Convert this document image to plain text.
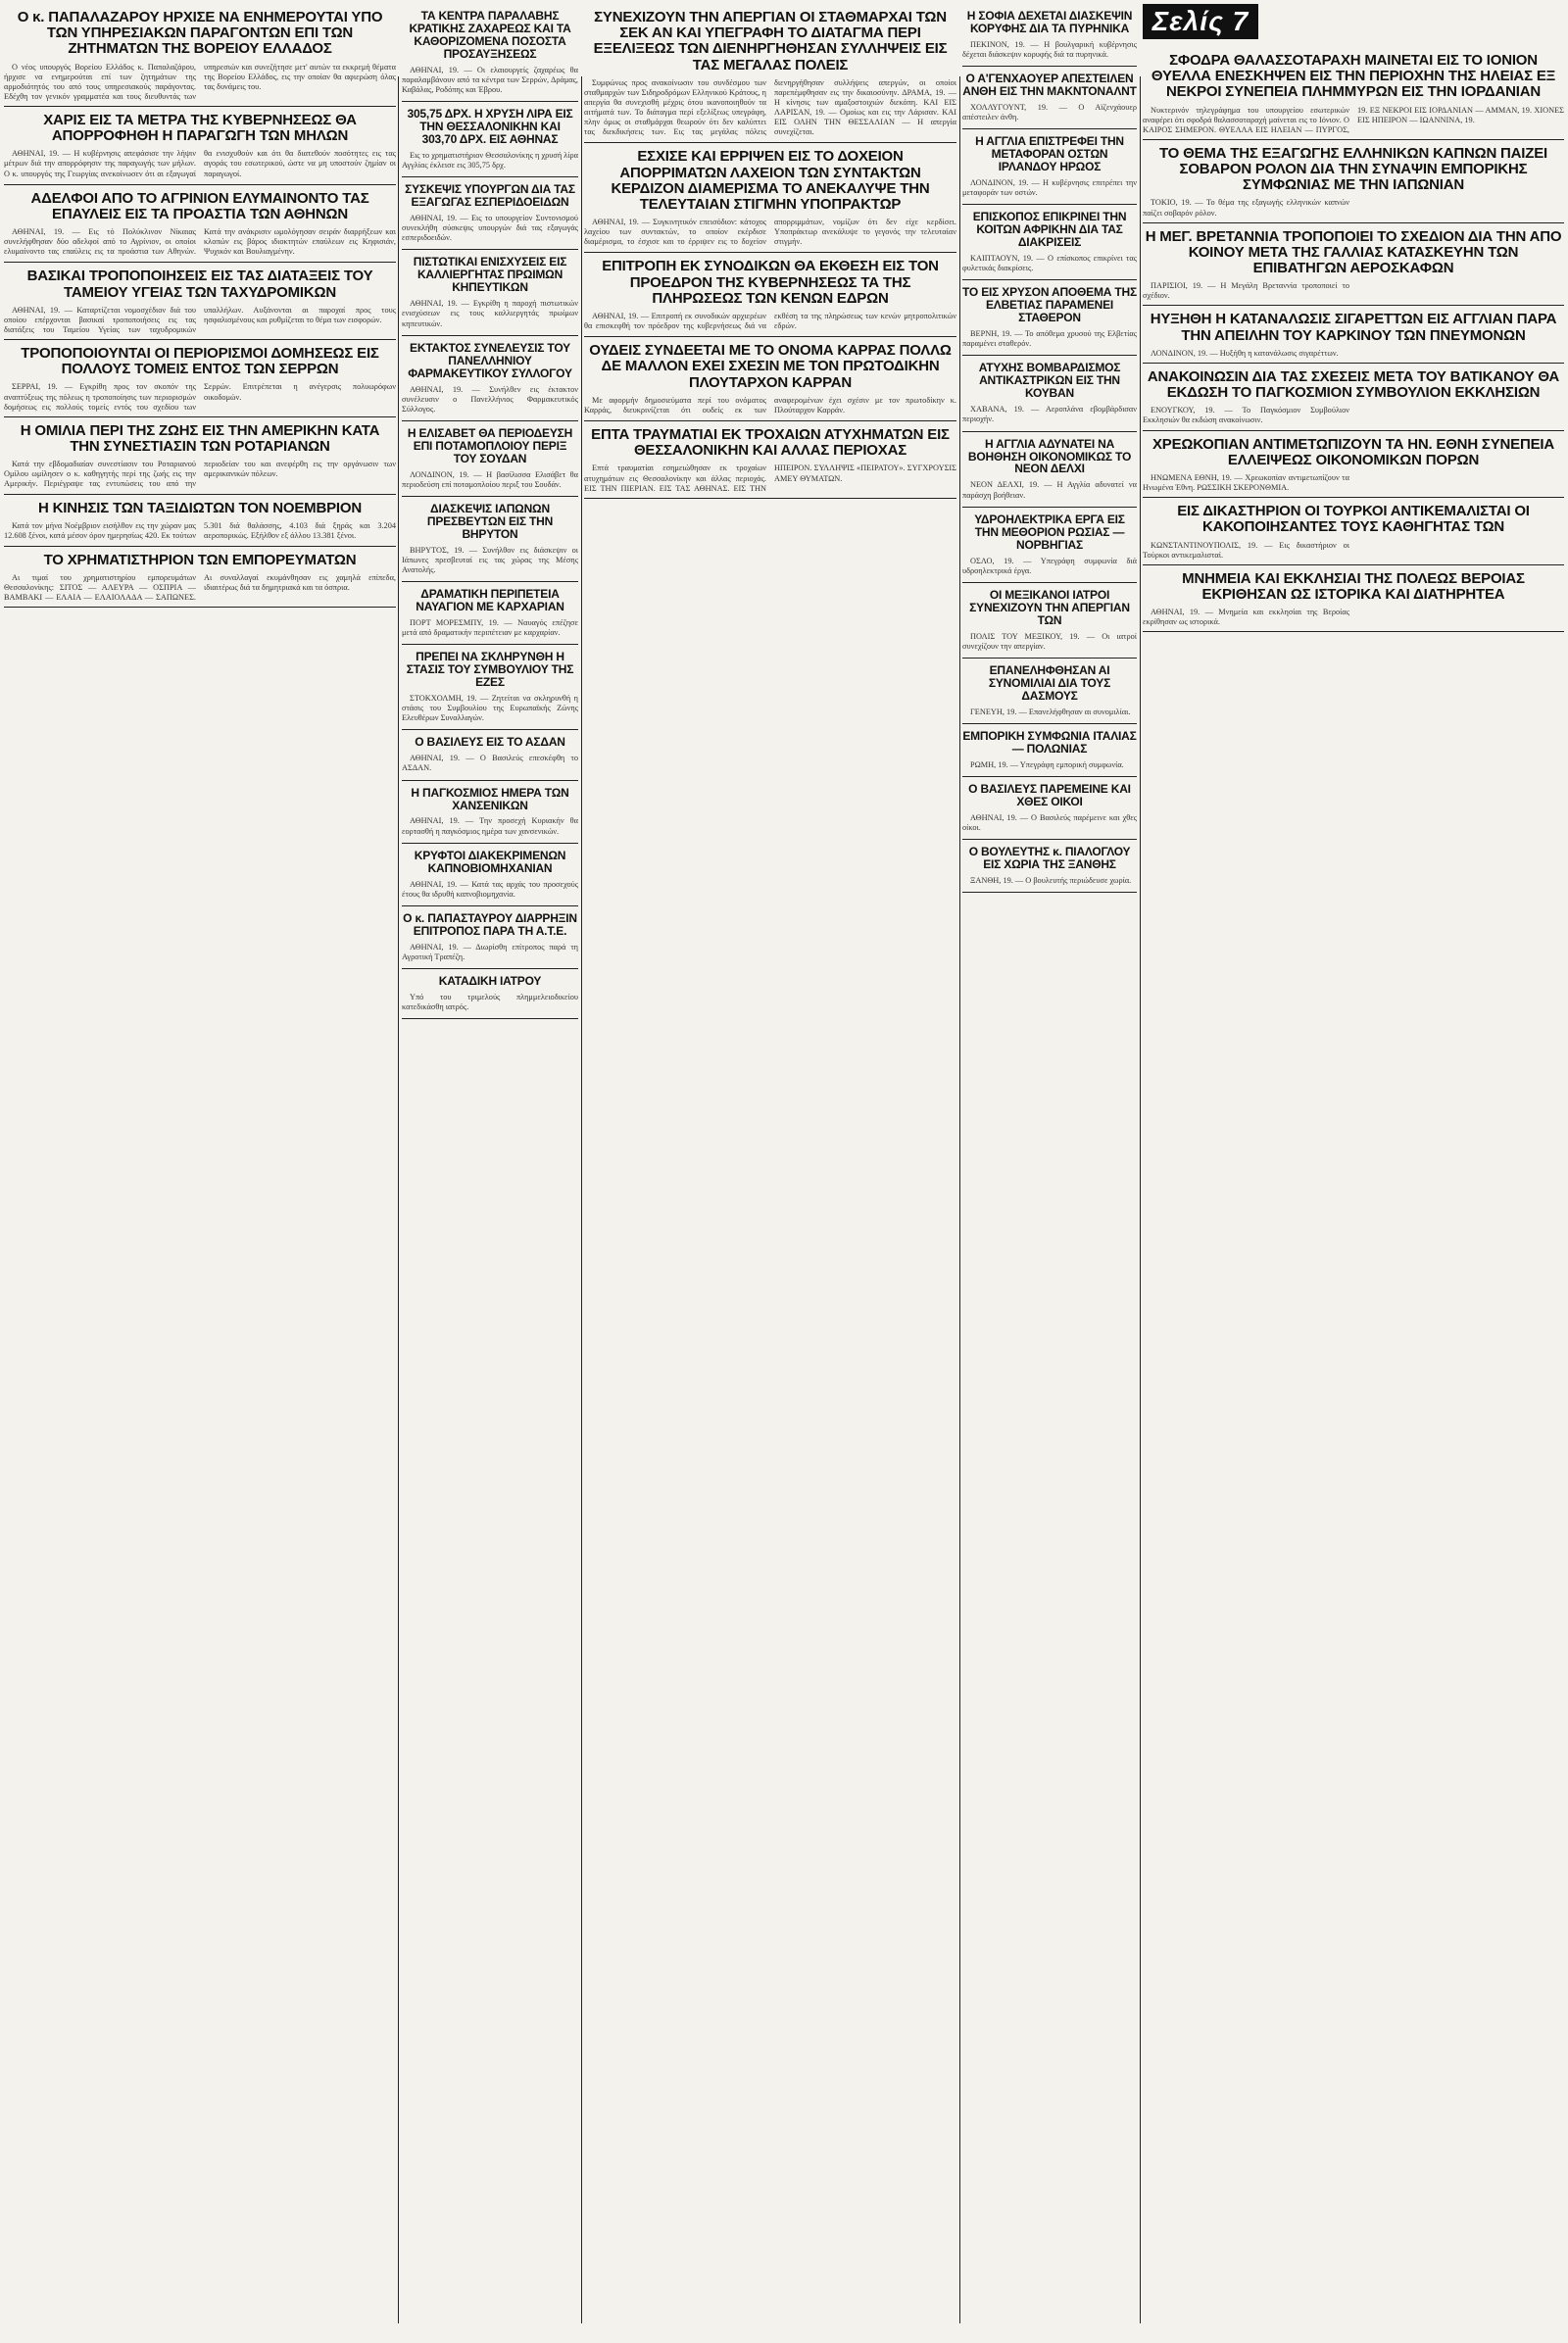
Σελίς 7
Ο κ. ΠΑΠΑΛΑΖΑΡΟΥ ΗΡΧΙΣΕ ΝΑ ΕΝΗΜΕΡΟΥΤΑΙ ΥΠΟ ΤΩΝ ΥΠΗΡΕΣΙΑΚΩΝ ΠΑΡΑΓΟΝΤΩΝ ΕΠΙ ΤΩΝ ΖΗΤΗΜΑΤΩΝ ΤΗΣ ΒΟΡΕΙΟΥ ΕΛΛΑΔΟΣ

Ο νέος υπουργός Βορείου Ελλάδος κ. Παπαλαζάρου, ήρχισε να ενημερούται επί των ζητημάτων της αρμοδιότητός του από τους υπηρεσιακούς παράγοντας. Εδέχθη τον γενικόν γραμματέα και τους διευθυντάς των υπηρεσιών και συνεζήτησε μετ' αυτών τα εκκρεμή θέματα της Βορείου Ελλάδος, εις την οποίαν θα αφιερώση όλας τας δυνάμεις του.

ΧΑΡΙΣ ΕΙΣ ΤΑ ΜΕΤΡΑ ΤΗΣ ΚΥΒΕΡΝΗΣΕΩΣ ΘΑ ΑΠΟΡΡΟΦΗΘΗ Η ΠΑΡΑΓΩΓΗ ΤΩΝ ΜΗΛΩΝ

ΑΘΗΝΑΙ, 19. — Η κυβέρνησις απεφάσισε την λήψιν μέτρων διά την απορρόφησιν της παραγωγής των μήλων. Ο κ. υπουργός της Γεωργίας ανεκοίνωσεν ότι αι εξαγωγαί θα ενισχυθούν και ότι θα διατεθούν ποσότητες εις τας αγοράς του εσωτερικού, ώστε να μη υποστούν ζημίαν οι παραγωγοί.

ΑΔΕΛΦΟΙ ΑΠΟ ΤΟ ΑΓΡΙΝΙΟΝ ΕΛΥΜΑΙΝΟΝΤΟ ΤΑΣ ΕΠΑΥΛΕΙΣ ΕΙΣ ΤΑ ΠΡΟΑΣΤΙΑ ΤΩΝ ΑΘΗΝΩΝ

ΑΘΗΝΑΙ, 19. — Εις τό Πολύκλινον Νίκαιας συνελήφθησαν δύο αδελφοί από το Αγρίνιον, οι οποίοι ελυμαίνοντο τας επαύλεις εις τα προάστια των Αθηνών. Κατά την ανάκρισιν ωμολόγησαν σειράν διαρρήξεων και κλοπών εις βάρος ιδιοκτητών επαύλεων εις Κηφισιάν, Ψυχικόν και Βουλιαγμένην.

ΒΑΣΙΚΑΙ ΤΡΟΠΟΠΟΙΗΣΕΙΣ ΕΙΣ ΤΑΣ ΔΙΑΤΑΞΕΙΣ ΤΟΥ ΤΑΜΕΙΟΥ ΥΓΕΙΑΣ ΤΩΝ ΤΑΧΥΔΡΟΜΙΚΩΝ

ΑΘΗΝΑΙ, 19. — Καταρτίζεται νομοσχέδιον διά του οποίου επέρχονται βασικαί τροποποιήσεις εις τας διατάξεις του Ταμείου Υγείας των ταχυδρομικών υπαλλήλων. Αυξάνονται αι παροχαί προς τους ησφαλισμένους και ρυθμίζεται το θέμα των εισφορών.

ΤΡΟΠΟΠΟΙΟΥΝΤΑΙ ΟΙ ΠΕΡΙΟΡΙΣΜΟΙ ΔΟΜΗΣΕΩΣ ΕΙΣ ΠΟΛΛΟΥΣ ΤΟΜΕΙΣ ΕΝΤΟΣ ΤΩΝ ΣΕΡΡΩΝ

ΣΕΡΡΑΙ, 19. — Εγκρίθη προς τον σκοπόν της αναπτύξεως της πόλεως η τροποποίησις των περιορισμών δομήσεως εις πολλούς τομείς εντός του σχεδίου των Σερρών. Επιτρέπεται η ανέγερσις πολυωρόφων οικοδομών.

Η ΟΜΙΛΙΑ ΠΕΡΙ ΤΗΣ ΖΩΗΣ ΕΙΣ ΤΗΝ ΑΜΕΡΙΚΗΝ ΚΑΤΑ ΤΗΝ ΣΥΝΕΣΤΙΑΣΙΝ ΤΩΝ ΡΟΤΑΡΙΑΝΩΝ

Κατά την εβδομαδιαίαν συνεστίασιν του Ροταριανού Ομίλου ωμίλησεν ο κ. καθηγητής περί της ζωής εις την Αμερικήν. Περιέγραψε τας εντυπώσεις του από την περιοδείαν του και ανεφέρθη εις την οργάνωσιν των αμερικανικών πόλεων.

Η ΚΙΝΗΣΙΣ ΤΩΝ ΤΑΞΙΔΙΩΤΩΝ ΤΟΝ ΝΟΕΜΒΡΙΟΝ

Κατά τον μήνα Νοέμβριον εισήλθον εις την χώραν μας 12.608 ξένοι, κατά μέσον όρον ημερησίως 420. Εκ τούτων 5.301 διά θαλάσσης, 4.103 διά ξηράς και 3.204 αεροπορικώς. Εξήλθον εξ άλλου 13.381 ξένοι.

ΤΟ ΧΡΗΜΑΤΙΣΤΗΡΙΟΝ ΤΩΝ ΕΜΠΟΡΕΥΜΑΤΩΝ

Αι τιμαί του χρηματιστηρίου εμπορευμάτων Θεσσαλονίκης: ΣΙΤΟΣ — ΑΛΕΥΡΑ — ΟΣΠΡΙΑ — ΒΑΜΒΑΚΙ — ΕΛΑΙΑ — ΕΛΑΙΟΛΑΔΑ — ΣΑΠΩΝΕΣ. Αι συναλλαγαί εκυμάνθησαν εις χαμηλά επίπεδα, ιδιαιτέρως διά τα δημητριακά και τα όσπρια.

ΤΑ ΚΕΝΤΡΑ ΠΑΡΑΛΑΒΗΣ ΚΡΑΤΙΚΗΣ ΖΑΧΑΡΕΩΣ ΚΑΙ ΤΑ ΚΑΘΟΡΙΖΟΜΕΝΑ ΠΟΣΟΣΤΑ ΠΡΟΣΑΥΞΗΣΕΩΣ

ΑΘΗΝΑΙ, 19. — Οι ελαιουργείς ζαχαρέως θα παραλαμβάνουν από τα κέντρα των Σερρών, Δράμας, Καβάλας, Ροδόπης και Έβρου.

305,75 ΔΡΧ. Η ΧΡΥΣΗ ΛΙΡΑ ΕΙΣ ΤΗΝ ΘΕΣΣΑΛΟΝΙΚΗΝ ΚΑΙ 303,70 ΔΡΧ. ΕΙΣ ΑΘΗΝΑΣ

Εις το χρηματιστήριον Θεσσαλονίκης η χρυσή λίρα Αγγλίας έκλεισε εις 305,75 δρχ.

ΣΥΣΚΕΨΙΣ ΥΠΟΥΡΓΩΝ ΔΙΑ ΤΑΣ ΕΞΑΓΩΓΑΣ ΕΣΠΕΡΙΔΟΕΙΔΩΝ

ΑΘΗΝΑΙ, 19. — Εις το υπουργείον Συντονισμού συνεκλήθη σύσκεψις υπουργών διά τας εξαγωγάς εσπεριδοειδών.

ΠΙΣΤΩΤΙΚΑΙ ΕΝΙΣΧΥΣΕΙΣ ΕΙΣ ΚΑΛΛΙΕΡΓΗΤΑΣ ΠΡΩΙΜΩΝ ΚΗΠΕΥΤΙΚΩΝ

ΑΘΗΝΑΙ, 19. — Εγκρίθη η παροχή πιστωτικών ενισχύσεων εις τους καλλιεργητάς πρωίμων κηπευτικών.

ΕΚΤΑΚΤΟΣ ΣΥΝΕΛΕΥΣΙΣ ΤΟΥ ΠΑΝΕΛΛΗΝΙΟΥ ΦΑΡΜΑΚΕΥΤΙΚΟΥ ΣΥΛΛΟΓΟΥ

ΑΘΗΝΑΙ, 19. — Συνήλθεν εις έκτακτον συνέλευσιν ο Πανελλήνιος Φαρμακευτικός Σύλλογος.

Η ΕΛΙΣΑΒΕΤ ΘΑ ΠΕΡΙΟΔΕΥΣΗ ΕΠΙ ΠΟΤΑΜΟΠΛΟΙΟΥ ΠΕΡΙΞ ΤΟΥ ΣΟΥΔΑΝ

ΛΟΝΔΙΝΟΝ, 19. — Η βασίλισσα Ελισάβετ θα περιοδεύση επί ποταμοπλοίου περιξ του Σουδάν.

ΔΙΑΣΚΕΨΙΣ ΙΑΠΩΝΩΝ ΠΡΕΣΒΕΥΤΩΝ ΕΙΣ ΤΗΝ ΒΗΡΥΤΟΝ

ΒΗΡΥΤΟΣ, 19. — Συνήλθον εις διάσκεψιν οι Ιάπωνες πρεσβευταί εις τας χώρας της Μέσης Ανατολής.

ΔΡΑΜΑΤΙΚΗ ΠΕΡΙΠΕΤΕΙΑ ΝΑΥΑΓΙΟΝ ΜΕ ΚΑΡΧΑΡΙΑΝ

ΠΟΡΤ ΜΟΡΕΣΜΠΥ, 19. — Ναυαγός επέζησε μετά από δραματικήν περιπέτειαν με καρχαρίαν.

ΠΡΕΠΕΙ ΝΑ ΣΚΛΗΡΥΝΘΗ Η ΣΤΑΣΙΣ ΤΟΥ ΣΥΜΒΟΥΛΙΟΥ ΤΗΣ ΕΖΕΣ

ΣΤΟΚΧΟΛΜΗ, 19. — Ζητείται να σκληρυνθή η στάσις του Συμβουλίου της Ευρωπαϊκής Ζώνης Ελευθέρων Συναλλαγών.

Ο ΒΑΣΙΛΕΥΣ ΕΙΣ ΤΟ ΑΣΔΑΝ

ΑΘΗΝΑΙ, 19. — Ο Βασιλεύς επεσκέφθη το ΑΣΔΑΝ.

Η ΠΑΓΚΟΣΜΙΟΣ ΗΜΕΡΑ ΤΩΝ ΧΑΝΣΕΝΙΚΩΝ

ΑΘΗΝΑΙ, 19. — Την προσεχή Κυριακήν θα εορτασθή η παγκόσμιος ημέρα των χανσενικών.

ΚΡΥΦΤΟΙ ΔΙΑΚΕΚΡΙΜΕΝΩΝ ΚΑΠΝΟΒΙΟΜΗΧΑΝΙΑΝ

ΑΘΗΝΑΙ, 19. — Κατά τας αρχάς του προσεχούς έτους θα ιδρυθή καπνοβιομηχανία.

Ο κ. ΠΑΠΑΣΤΑΥΡΟΥ ΔΙΑΡΡΗΞΙΝ ΕΠΙΤΡΟΠΟΣ ΠΑΡΑ ΤΗ Α.Τ.Ε.

ΑΘΗΝΑΙ, 19. — Διωρίσθη επίτροπος παρά τη Αγροτική Τραπέζη.

ΚΑΤΑΔΙΚΗ ΙΑΤΡΟΥ

Υπό του τριμελούς πλημμελειοδικείου κατεδικάσθη ιατρός.

ΣΥΝΕΧΙΖΟΥΝ ΤΗΝ ΑΠΕΡΓΙΑΝ ΟΙ ΣΤΑΘΜΑΡΧΑΙ ΤΩΝ ΣΕΚ ΑΝ ΚΑΙ ΥΠΕΓΡΑΦΗ ΤΟ ΔΙΑΤΑΓΜΑ ΠΕΡΙ ΕΞΕΛΙΞΕΩΣ ΤΩΝ ΔΙΕΝΗΡΓΗΘΗΣΑΝ ΣΥΛΛΗΨΕΙΣ ΕΙΣ ΤΑΣ ΜΕΓΑΛΑΣ ΠΟΛΕΙΣ

Συμφώνως προς ανακοίνωσιν του συνδέσμου των σταθμαρχών των Σιδηροδρόμων Ελληνικού Κράτους, η απεργία θα συνεχισθή μέχρις ότου ικανοποιηθούν τα αιτήματά των. Το διάταγμα περί εξελίξεως υπεγράφη, πλην όμως οι σταθμάρχαι θεωρούν ότι δεν καλύπτει τας διεκδικήσεις των. Εις τας μεγάλας πόλεις διενηργήθησαν συλλήψεις απεργών, οι οποίοι παρεπέμφθησαν εις την δικαιοσύνην. ΔΡΑΜΑ, 19. — Η κίνησις των αμαξοστοιχιών διεκόπη. ΚΑΙ ΕΙΣ ΛΑΡΙΣΑΝ, 19. — Ομοίως και εις την Λάρισαν. ΚΑΙ ΕΙΣ ΟΛΗΝ ΤΗΝ ΘΕΣΣΑΛΙΑΝ — Η απεργία συνεχίζεται.

ΕΣΧΙΣΕ ΚΑΙ ΕΡΡΙΨΕΝ ΕΙΣ ΤΟ ΔΟΧΕΙΟΝ ΑΠΟΡΡΙΜΑΤΩΝ ΛΑΧΕΙΟΝ ΤΩΝ ΣΥΝΤΑΚΤΩΝ ΚΕΡΔΙΖΟΝ ΔΙΑΜΕΡΙΣΜΑ ΤΟ ΑΝΕΚΑΛΥΨΕ ΤΗΝ ΤΕΛΕΥΤΑΙΑΝ ΣΤΙΓΜΗΝ ΥΠΟΠΡΑΚΤΩΡ

ΑΘΗΝΑΙ, 19. — Συγκινητικόν επεισόδιον: κάτοχος λαχείου των συντακτών, το οποίον εκέρδισε διαμέρισμα, το έσχισε και το έρριψεν εις το δοχείον απορριμμάτων, νομίζων ότι δεν είχε κερδίσει. Υποπράκτωρ ανεκάλυψε το γεγονός την τελευταίαν στιγμήν.

ΕΠΙΤΡΟΠΗ ΕΚ ΣΥΝΟΔΙΚΩΝ ΘΑ ΕΚΘΕΣΗ ΕΙΣ ΤΟΝ ΠΡΟΕΔΡΟΝ ΤΗΣ ΚΥΒΕΡΝΗΣΕΩΣ ΤΑ ΤΗΣ ΠΛΗΡΩΣΕΩΣ ΤΩΝ ΚΕΝΩΝ ΕΔΡΩΝ

ΑΘΗΝΑΙ, 19. — Επιτροπή εκ συνοδικών αρχιερέων θα επισκεφθή τον πρόεδρον της κυβερνήσεως διά να εκθέση τα της πληρώσεως των κενών μητροπολιτικών εδρών.

ΟΥΔΕΙΣ ΣΥΝΔΕΕΤΑΙ ΜΕ ΤΟ ΟΝΟΜΑ ΚΑΡΡΑΣ ΠΟΛΛΩ ΔΕ ΜΑΛΛΟΝ ΕΧΕΙ ΣΧΕΣΙΝ ΜΕ ΤΟΝ ΠΡΩΤΟΔΙΚΗΝ ΠΛΟΥΤΑΡΧΟΝ ΚΑΡΡΑΝ

Με αφορμήν δημοσιεύματα περί του ονόματος Καρράς, διευκρινίζεται ότι ουδείς εκ των αναφερομένων έχει σχέσιν με τον πρωτοδίκην κ. Πλούταρχον Καρράν.

ΕΠΤΑ ΤΡΑΥΜΑΤΙΑΙ ΕΚ ΤΡΟΧΑΙΩΝ ΑΤΥΧΗΜΑΤΩΝ ΕΙΣ ΘΕΣΣΑΛΟΝΙΚΗΝ ΚΑΙ ΑΛΛΑΣ ΠΕΡΙΟΧΑΣ

Επτά τραυματίαι εσημειώθησαν εκ τροχαίων ατυχημάτων εις Θεσσαλονίκην και άλλας περιοχάς. ΕΙΣ ΤΗΝ ΠΙΕΡΙΑΝ. ΕΙΣ ΤΑΣ ΑΘΗΝΑΣ. ΕΙΣ ΤΗΝ ΗΠΕΙΡΟΝ. ΣΥΛΛΗΨΙΣ «ΠΕΙΡΑΤΟΥ». ΣΥΓΧΡΟΥΣΙΣ ΑΜΕΥ ΘΥΜΑΤΩΝ.

Η ΣΟΦΙΑ ΔΕΧΕΤΑΙ ΔΙΑΣΚΕΨΙΝ ΚΟΡΥΦΗΣ ΔΙΑ ΤΑ ΠΥΡΗΝΙΚΑ

ΠΕΚΙΝΟΝ, 19. — Η βουλγαρική κυβέρνησις δέχεται διάσκεψιν κορυφής διά τα πυρηνικά.

Ο Α'ΓΕΝΧΑΟΥΕΡ ΑΠΕΣΤΕΙΛΕΝ ΑΝΘΗ ΕΙΣ ΤΗΝ ΜΑΚΝΤΟΝΑΛΝΤ

ΧΟΛΛΥΓΟΥΝΤ, 19. — Ο Αϊζενχάουερ απέστειλεν άνθη.

Η ΑΓΓΛΙΑ ΕΠΙΣΤΡΕΦΕΙ ΤΗΝ ΜΕΤΑΦΟΡΑΝ ΟΣΤΩΝ ΙΡΛΑΝΔΟΥ ΗΡΩΟΣ

ΛΟΝΔΙΝΟΝ, 19. — Η κυβέρνησις επιτρέπει την μεταφοράν των οστών.

ΕΠΙΣΚΟΠΟΣ ΕΠΙΚΡΙΝΕΙ ΤΗΝ ΚΟΙΤΩΝ ΑΦΡΙΚΗΝ ΔΙΑ ΤΑΣ ΔΙΑΚΡΙΣΕΙΣ

ΚΑΙΠΤΑΟΥΝ, 19. — Ο επίσκοπος επικρίνει τας φυλετικάς διακρίσεις.

ΤΟ ΕΙΣ ΧΡΥΣΟΝ ΑΠΟΘΕΜΑ ΤΗΣ ΕΛΒΕΤΙΑΣ ΠΑΡΑΜΕΝΕΙ ΣΤΑΘΕΡΟΝ

ΒΕΡΝΗ, 19. — Το απόθεμα χρυσού της Ελβετίας παραμένει σταθερόν.

ΑΤΥΧΗΣ ΒΟΜΒΑΡΔΙΣΜΟΣ ΑΝΤΙΚΑΣΤΡΙΚΩΝ ΕΙΣ ΤΗΝ ΚΟΥΒΑΝ

ΧΑΒΑΝΑ, 19. — Αεροπλάνα εβομβάρδισαν περιοχήν.

Η ΑΓΓΛΙΑ ΑΔΥΝΑΤΕΙ ΝΑ ΒΟΗΘΗΣΗ ΟΙΚΟΝΟΜΙΚΩΣ ΤΟ ΝΕΟΝ ΔΕΛΧΙ

ΝΕΟΝ ΔΕΛΧΙ, 19. — Η Αγγλία αδυνατεί να παράσχη βοήθειαν.

ΥΔΡΟΗΛΕΚΤΡΙΚΑ ΕΡΓΑ ΕΙΣ ΤΗΝ ΜΕΘΟΡΙΟΝ ΡΩΣΙΑΣ — ΝΟΡΒΗΓΙΑΣ

ΟΣΛΟ, 19. — Υπεγράφη συμφωνία διά υδροηλεκτρικά έργα.

ΟΙ ΜΕΞΙΚΑΝΟΙ ΙΑΤΡΟΙ ΣΥΝΕΧΙΖΟΥΝ ΤΗΝ ΑΠΕΡΓΙΑΝ ΤΩΝ

ΠΟΛΙΣ ΤΟΥ ΜΕΞΙΚΟΥ, 19. — Οι ιατροί συνεχίζουν την απεργίαν.

ΕΠΑΝΕΛΗΦΘΗΣΑΝ ΑΙ ΣΥΝΟΜΙΛΙΑΙ ΔΙΑ ΤΟΥΣ ΔΑΣΜΟΥΣ

ΓΕΝΕΥΗ, 19. — Επανελήφθησαν αι συνομιλίαι.

ΕΜΠΟΡΙΚΗ ΣΥΜΦΩΝΙΑ ΙΤΑΛΙΑΣ — ΠΟΛΩΝΙΑΣ

ΡΩΜΗ, 19. — Υπεγράφη εμπορική συμφωνία.

Ο ΒΑΣΙΛΕΥΣ ΠΑΡΕΜΕΙΝΕ ΚΑΙ ΧΘΕΣ ΟΙΚΟΙ

ΑΘΗΝΑΙ, 19. — Ο Βασιλεύς παρέμεινε και χθες οίκοι.

Ο ΒΟΥΛΕΥΤΗΣ κ. ΠΙΑΛΟΓΛΟΥ ΕΙΣ ΧΩΡΙΑ ΤΗΣ ΞΑΝΘΗΣ

ΞΑΝΘΗ, 19. — Ο βουλευτής περιώδευσε χωρία.

ΣΦΟΔΡΑ ΘΑΛΑΣΣΟΤΑΡΑΧΗ ΜΑΙΝΕΤΑΙ ΕΙΣ ΤΟ ΙΟΝΙΟΝ ΘΥΕΛΛΑ ΕΝΕΣΚΗΨΕΝ ΕΙΣ ΤΗΝ ΠΕΡΙΟΧΗΝ ΤΗΣ ΗΛΕΙΑΣ ΕΞ ΝΕΚΡΟΙ ΣΥΝΕΠΕΙΑ ΠΛΗΜΜΥΡΩΝ ΕΙΣ ΤΗΝ ΙΟΡΔΑΝΙΑΝ

Νυκτερινόν τηλεγράφημα του υπουργείου εσωτερικών αναφέρει ότι σφοδρά θαλασσοταραχή μαίνεται εις το Ιόνιον. Ο ΚΑΙΡΟΣ ΣΗΜΕΡΟΝ. ΘΥΕΛΛΑ ΕΙΣ ΗΛΕΙΑΝ — ΠΥΡΓΟΣ, 19. ΕΞ ΝΕΚΡΟΙ ΕΙΣ ΙΟΡΔΑΝΙΑΝ — ΑΜΜΑΝ, 19. ΧΙΟΝΕΣ ΕΙΣ ΗΠΕΙΡΟΝ — ΙΩΑΝΝΙΝΑ, 19.

ΤΟ ΘΕΜΑ ΤΗΣ ΕΞΑΓΩΓΗΣ ΕΛΛΗΝΙΚΩΝ ΚΑΠΝΩΝ ΠΑΙΖΕΙ ΣΟΒΑΡΟΝ ΡΟΛΟΝ ΔΙΑ ΤΗΝ ΣΥΝΑΨΙΝ ΕΜΠΟΡΙΚΗΣ ΣΥΜΦΩΝΙΑΣ ΜΕ ΤΗΝ ΙΑΠΩΝΙΑΝ

ΤΟΚΙΟ, 19. — Το θέμα της εξαγωγής ελληνικών καπνών παίζει σοβαρόν ρόλον.

Η ΜΕΓ. ΒΡΕΤΑΝΝΙΑ ΤΡΟΠΟΠΟΙΕΙ ΤΟ ΣΧΕΔΙΟΝ ΔΙΑ ΤΗΝ ΑΠΟ ΚΟΙΝΟΥ ΜΕΤΑ ΤΗΣ ΓΑΛΛΙΑΣ ΚΑΤΑΣΚΕΥΗΝ ΤΩΝ ΕΠΙΒΑΤΗΓΩΝ ΑΕΡΟΣΚΑΦΩΝ

ΠΑΡΙΣΙΟΙ, 19. — Η Μεγάλη Βρεταννία τροποποιεί το σχέδιον.

ΗΥΞΗΘΗ Η ΚΑΤΑΝΑΛΩΣΙΣ ΣΙΓΑΡΕΤΤΩΝ ΕΙΣ ΑΓΓΛΙΑΝ ΠΑΡΑ ΤΗΝ ΑΠΕΙΛΗΝ ΤΟΥ ΚΑΡΚΙΝΟΥ ΤΩΝ ΠΝΕΥΜΟΝΩΝ

ΛΟΝΔΙΝΟΝ, 19. — Ηυξήθη η κατανάλωσις σιγαρέττων.

ΑΝΑΚΟΙΝΩΣΙΝ ΔΙΑ ΤΑΣ ΣΧΕΣΕΙΣ ΜΕΤΑ ΤΟΥ ΒΑΤΙΚΑΝΟΥ ΘΑ ΕΚΔΩΣΗ ΤΟ ΠΑΓΚΟΣΜΙΟΝ ΣΥΜΒΟΥΛΙΟΝ ΕΚΚΛΗΣΙΩΝ

ΕΝΟΥΓΚΟΥ, 19. — Το Παγκόσμιον Συμβούλιον Εκκλησιών θα εκδώση ανακοίνωσιν.

ΧΡΕΩΚΟΠΙΑΝ ΑΝΤΙΜΕΤΩΠΙΖΟΥΝ ΤΑ ΗΝ. ΕΘΝΗ ΣΥΝΕΠΕΙΑ ΕΛΛΕΙΨΕΩΣ ΟΙΚΟΝΟΜΙΚΩΝ ΠΟΡΩΝ

ΗΝΩΜΕΝΑ ΕΘΝΗ, 19. — Χρεωκοπίαν αντιμετωπίζουν τα Ηνωμένα Έθνη. ΡΩΣΣΙΚΗ ΣΚΕΡΟΝΘΜΙΑ.

ΕΙΣ ΔΙΚΑΣΤΗΡΙΟΝ ΟΙ ΤΟΥΡΚΟΙ ΑΝΤΙΚΕΜΑΛΙΣΤΑΙ ΟΙ ΚΑΚΟΠΟΙΗΣΑΝΤΕΣ ΤΟΥΣ ΚΑΘΗΓΗΤΑΣ ΤΩΝ

ΚΩΝΣΤΑΝΤΙΝΟΥΠΟΛΙΣ, 19. — Εις δικαστήριον οι Τούρκοι αντικεμαλισταί.

ΜΝΗΜΕΙΑ ΚΑΙ ΕΚΚΛΗΣΙΑΙ ΤΗΣ ΠΟΛΕΩΣ ΒΕΡΟΙΑΣ ΕΚΡΙΘΗΣΑΝ ΩΣ ΙΣΤΟΡΙΚΑ ΚΑΙ ΔΙΑΤΗΡΗΤΕΑ

ΑΘΗΝΑΙ, 19. — Μνημεία και εκκλησίαι της Βεροίας εκρίθησαν ως ιστορικά.
